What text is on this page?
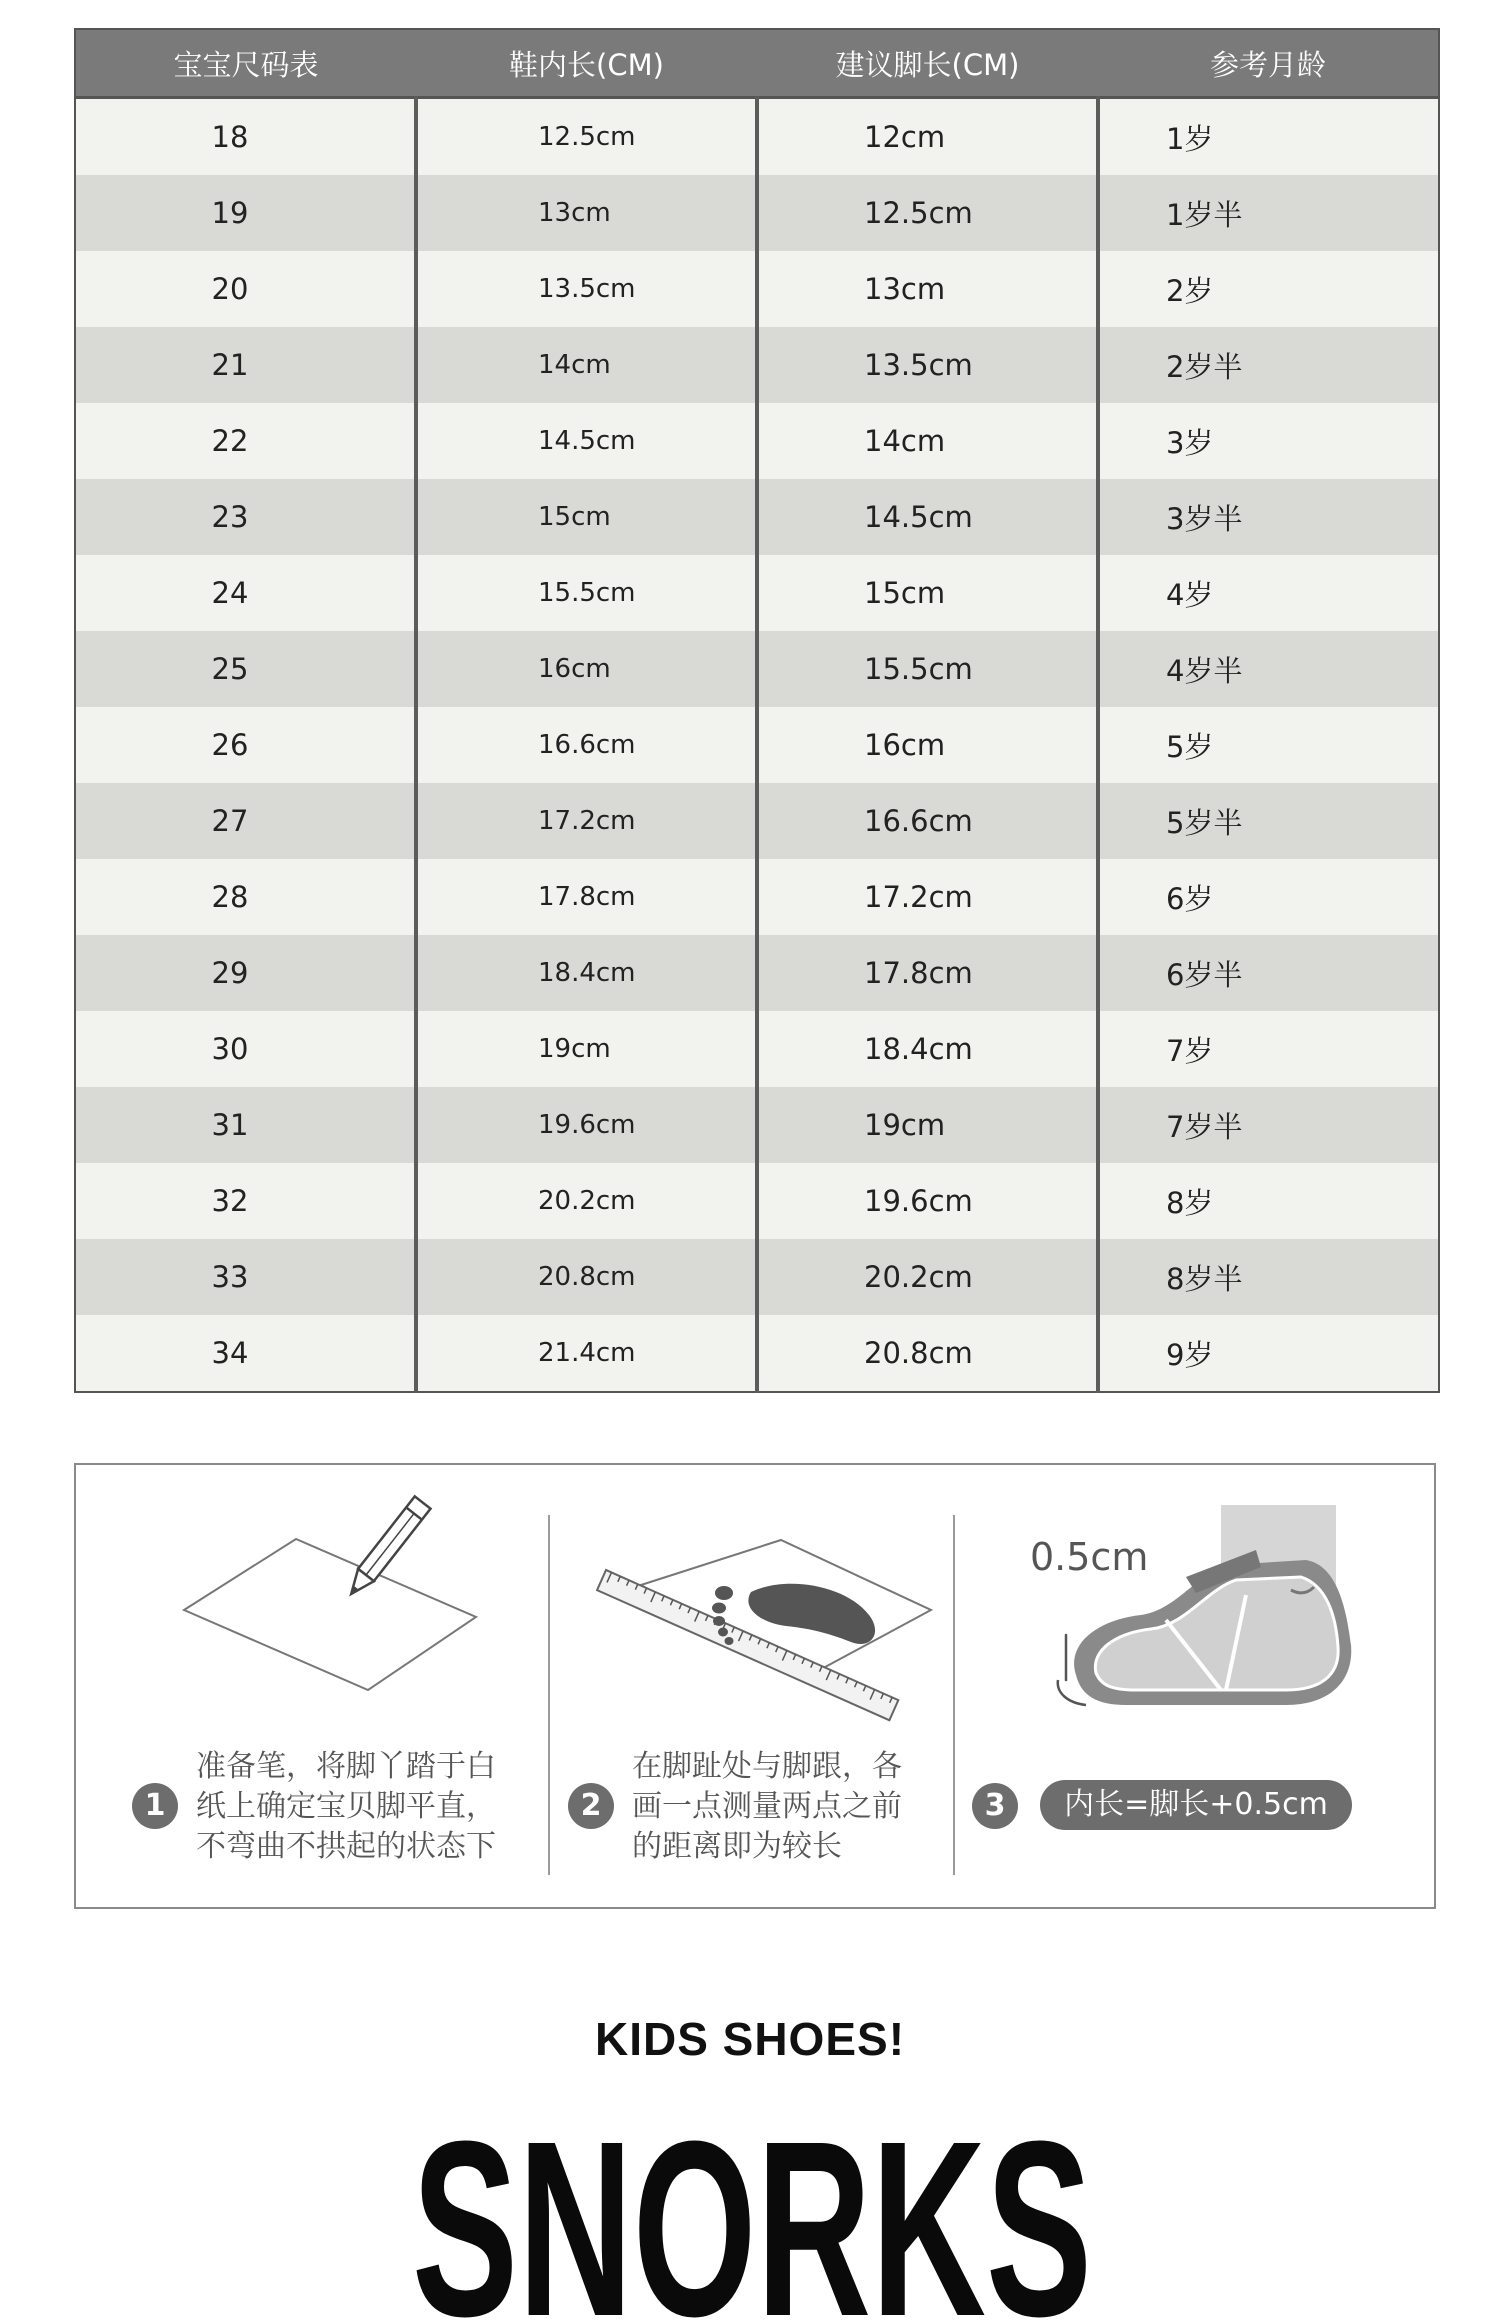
宝宝尺码表	鞋内长(CM)	建议脚长(CM)	参考月龄
18	12.5cm	12cm	1岁
19	13cm	12.5cm	1岁半
20	13.5cm	13cm	2岁
21	14cm	13.5cm	2岁半
22	14.5cm	14cm	3岁
23	15cm	14.5cm	3岁半
24	15.5cm	15cm	4岁
25	16cm	15.5cm	4岁半
26	16.6cm	16cm	5岁
27	17.2cm	16.6cm	5岁半
28	17.8cm	17.2cm	6岁
29	18.4cm	17.8cm	6岁半
30	19cm	18.4cm	7岁
31	19.6cm	19cm	7岁半
32	20.2cm	19.6cm	8岁
33	20.8cm	20.2cm	8岁半
34	21.4cm	20.8cm	9岁
0.5cm
1
准备笔，将脚丫踏于白
纸上确定宝贝脚平直，
不弯曲不拱起的状态下
2
在脚趾处与脚跟，各
画一点测量两点之前
的距离即为较长
3	内长=脚长+0.5cm
KIDS SHOES!
SNORKS
